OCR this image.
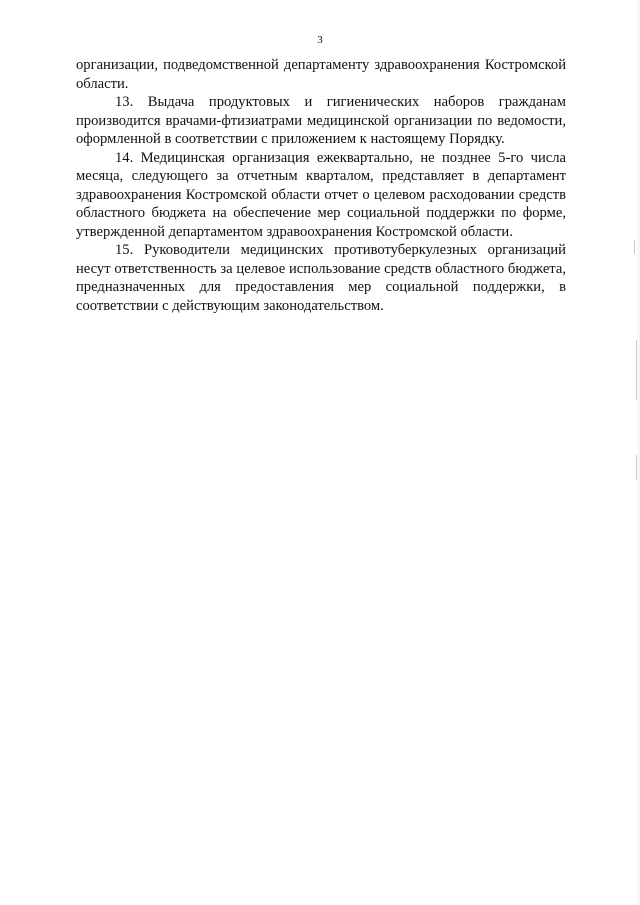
3

организации, подведомственной департаменту здравоохранения Костромской области.

13. Выдача продуктовых и гигиенических наборов гражданам производится врачами-фтизиатрами медицинской организации по ведомости, оформленной в соответствии с приложением к настоящему Порядку.

14. Медицинская организация ежеквартально, не позднее 5-го числа месяца, следующего за отчетным кварталом, представляет в департамент здравоохранения Костромской области отчет о целевом расходовании средств областного бюджета на обеспечение мер социальной поддержки по форме, утвержденной департаментом здравоохранения Костромской области.

15. Руководители медицинских противотуберкулезных организаций несут ответственность за целевое использование средств областного бюджета, предназначенных для предоставления мер социальной поддержки, в соответствии с действующим законодательством.
